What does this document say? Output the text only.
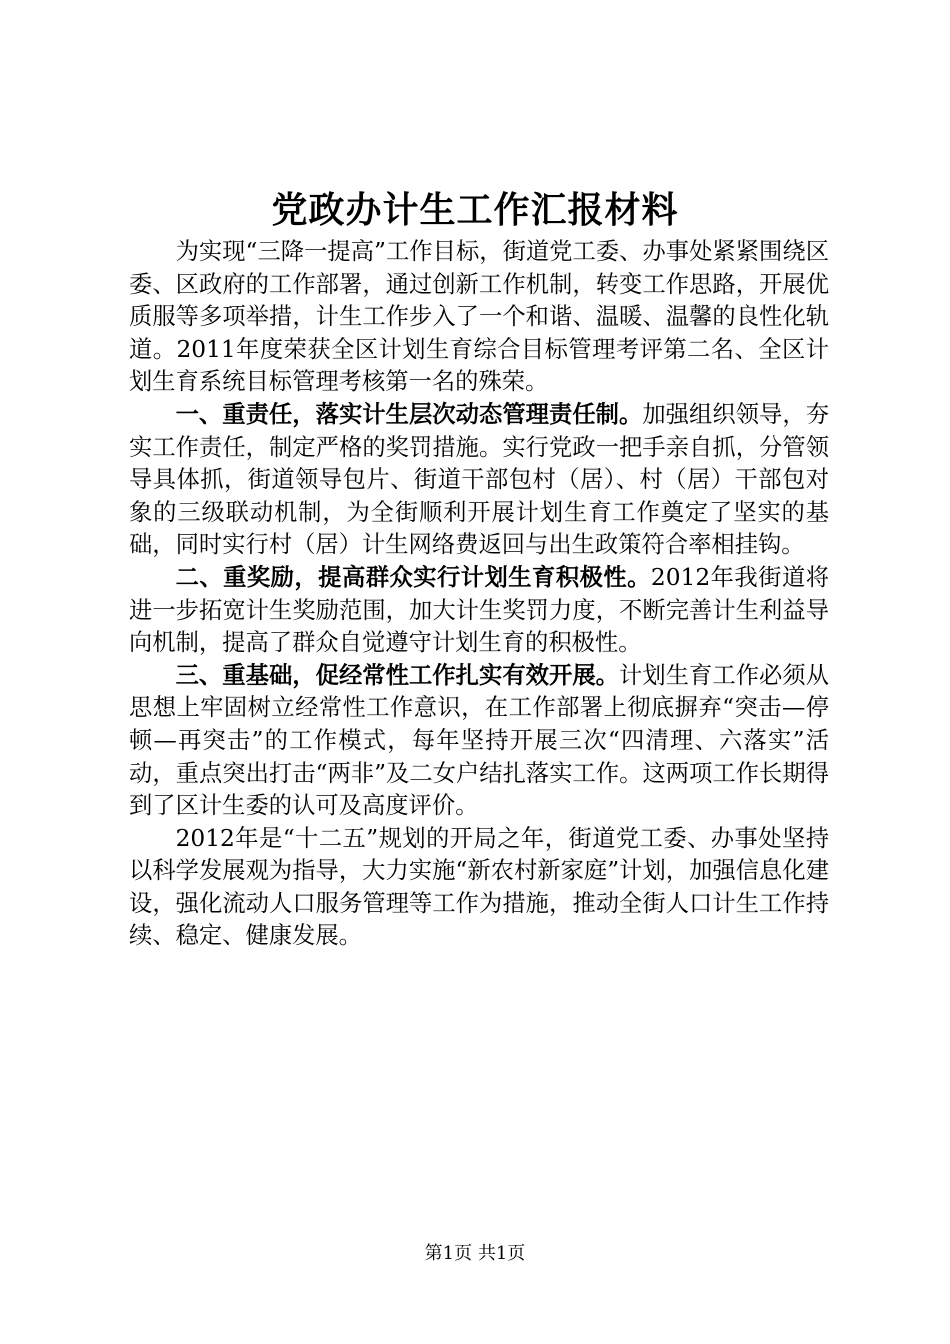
党政办计生工作汇报材料

为实现“三降一提高”工作目标，街道党工委、办事处紧紧围绕区委、区政府的工作部署，通过创新工作机制，转变工作思路，开展优质服等多项举措，计生工作步入了一个和谐、温暖、温馨的良性化轨道。2011年度荣获全区计划生育综合目标管理考评第二名、全区计划生育系统目标管理考核第一名的殊荣。

一、重责任，落实计生层次动态管理责任制。加强组织领导，夯实工作责任，制定严格的奖罚措施。实行党政一把手亲自抓，分管领导具体抓，街道领导包片、街道干部包村（居）、村（居）干部包对象的三级联动机制，为全街顺利开展计划生育工作奠定了坚实的基础，同时实行村（居）计生网络费返回与出生政策符合率相挂钩。

二、重奖励，提高群众实行计划生育积极性。2012年我街道将进一步拓宽计生奖励范围，加大计生奖罚力度，不断完善计生利益导向机制，提高了群众自觉遵守计划生育的积极性。

三、重基础，促经常性工作扎实有效开展。计划生育工作必须从思想上牢固树立经常性工作意识，在工作部署上彻底摒弃“突击—停顿—再突击”的工作模式，每年坚持开展三次“四清理、六落实”活动，重点突出打击“两非”及二女户结扎落实工作。这两项工作长期得到了区计生委的认可及高度评价。

2012年是“十二五”规划的开局之年，街道党工委、办事处坚持以科学发展观为指导，大力实施“新农村新家庭”计划，加强信息化建设，强化流动人口服务管理等工作为措施，推动全街人口计生工作持续、稳定、健康发展。

第1页 共1页
